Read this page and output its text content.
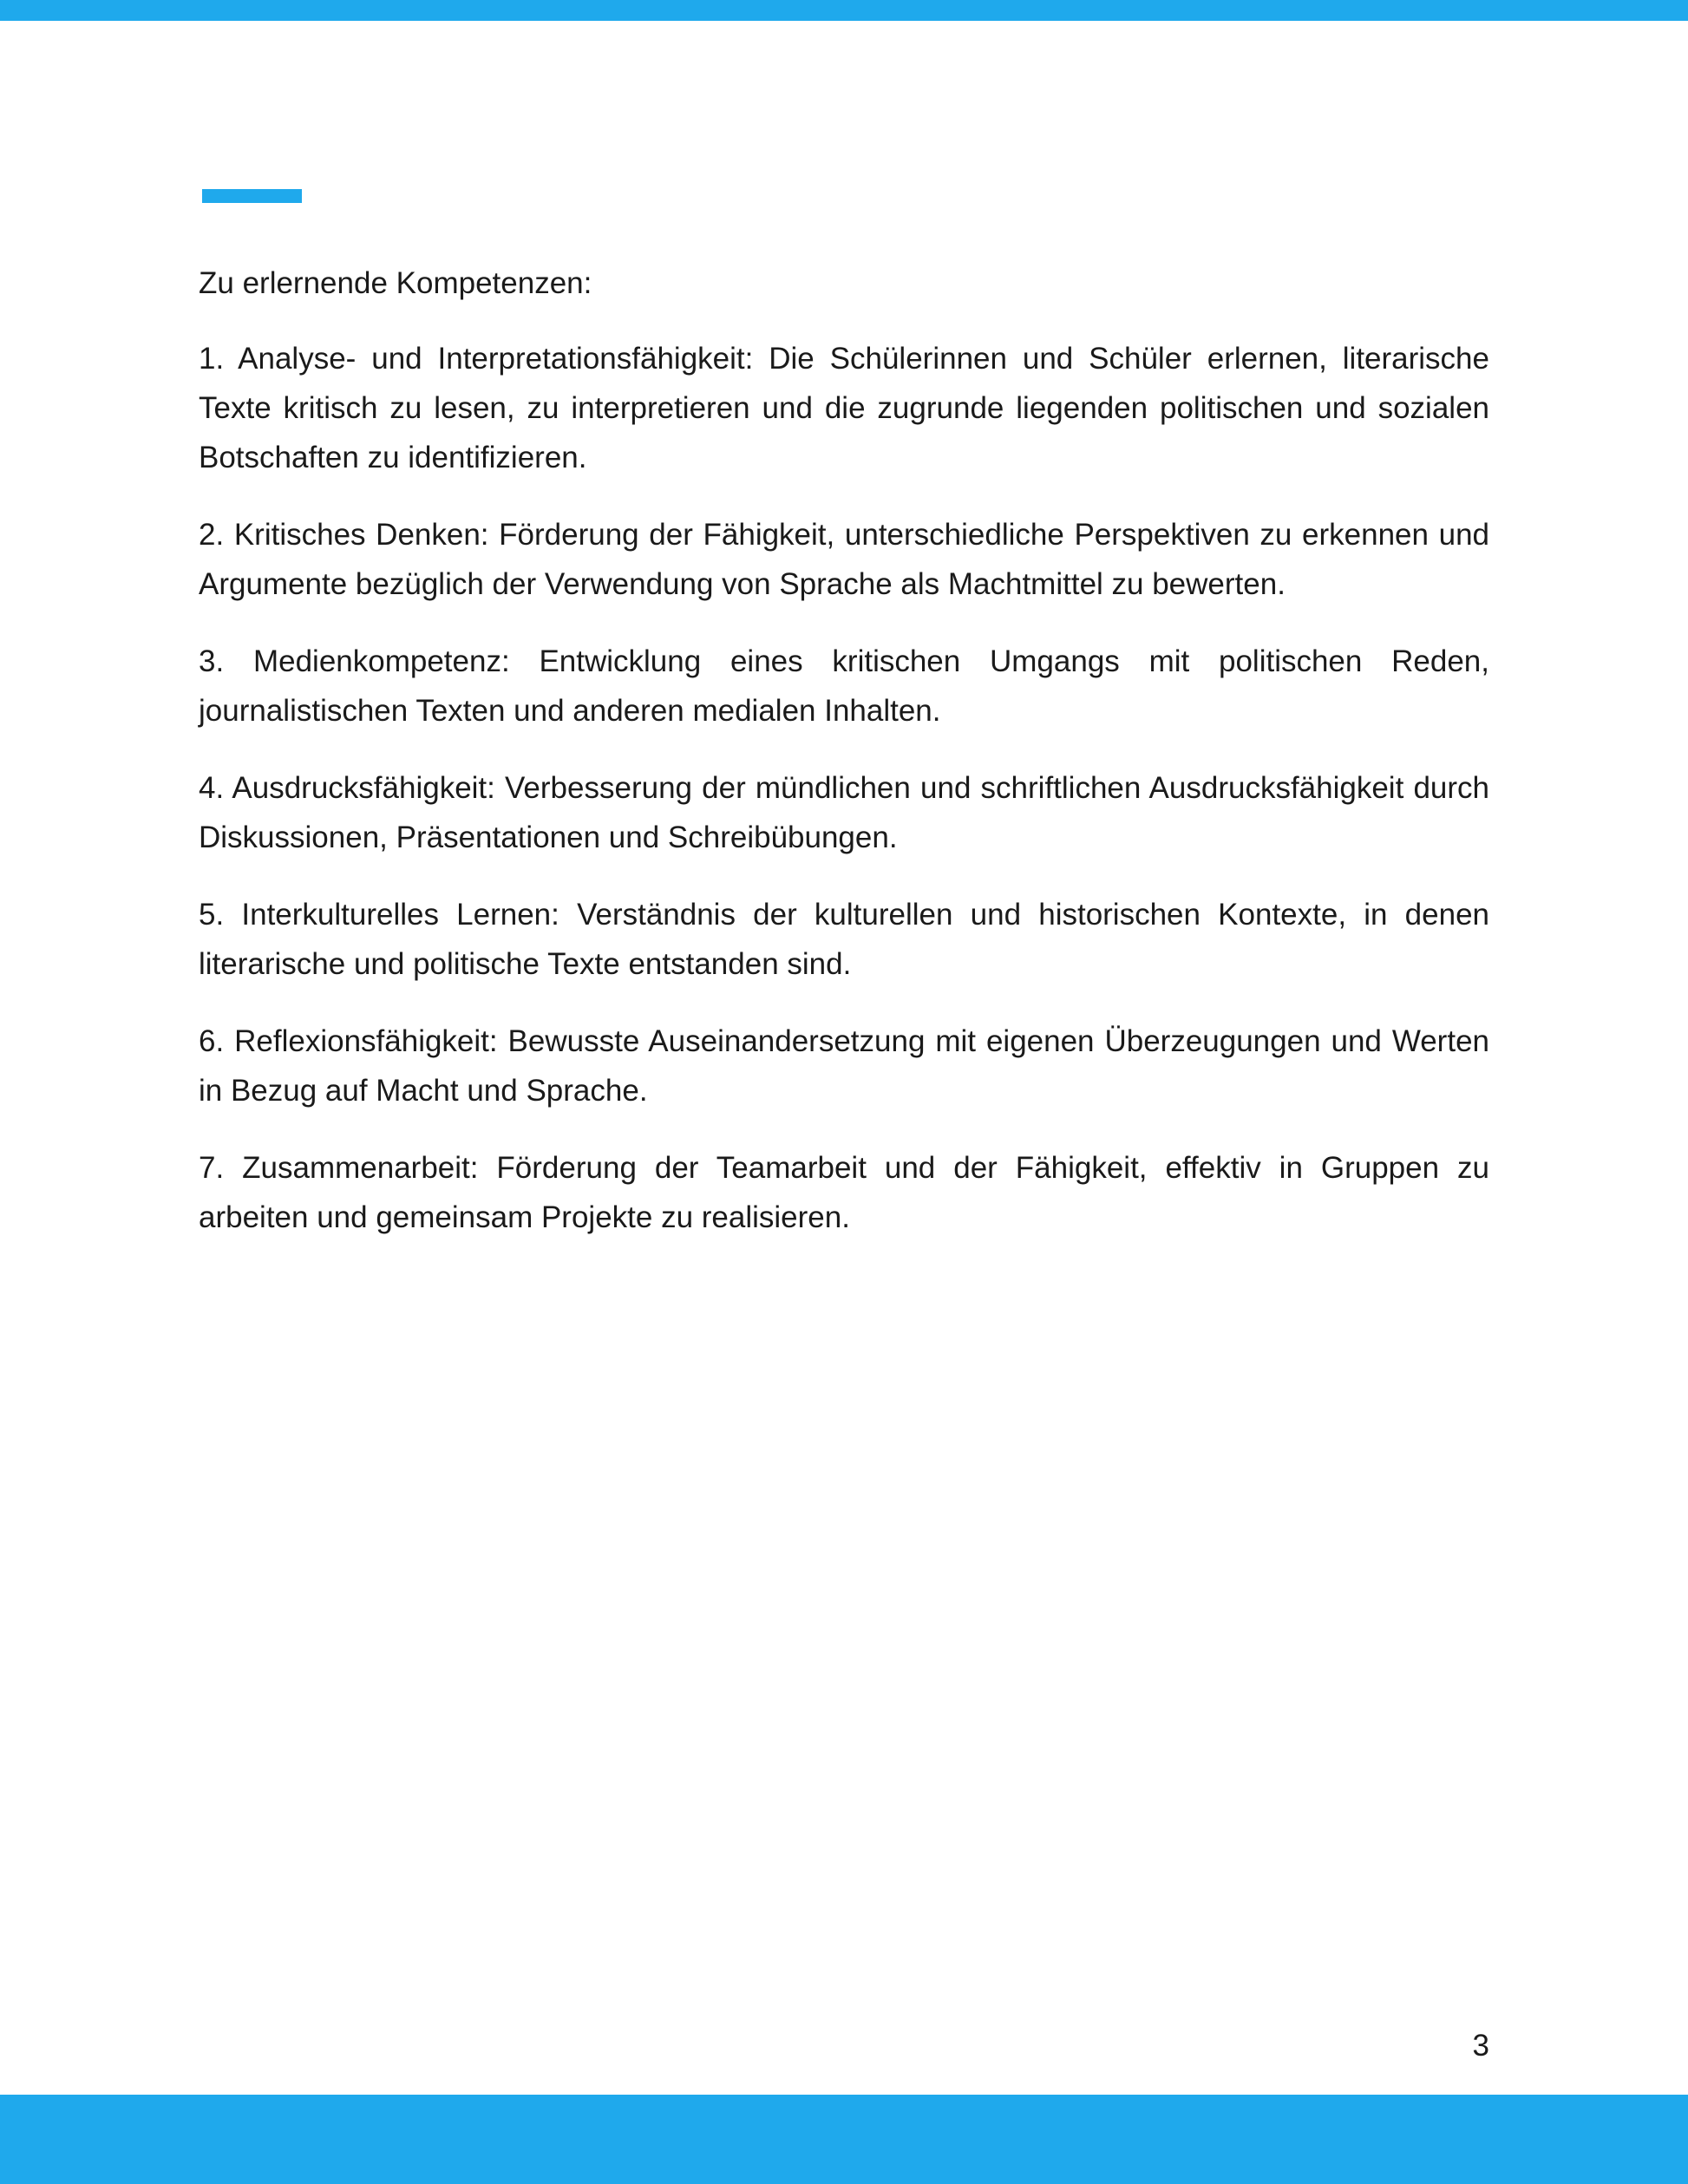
Zu erlernende Kompetenzen:

1. Analyse- und Interpretationsfähigkeit: Die Schülerinnen und Schüler erlernen, literarische Texte kritisch zu lesen, zu interpretieren und die zugrunde liegenden politischen und sozialen Botschaften zu identifizieren.

2. Kritisches Denken: Förderung der Fähigkeit, unterschiedliche Perspektiven zu erkennen und Argumente bezüglich der Verwendung von Sprache als Machtmittel zu bewerten.

3. Medienkompetenz: Entwicklung eines kritischen Umgangs mit politischen Reden, journalistischen Texten und anderen medialen Inhalten.

4. Ausdrucksfähigkeit: Verbesserung der mündlichen und schriftlichen Ausdrucksfähigkeit durch Diskussionen, Präsentationen und Schreibübungen.

5. Interkulturelles Lernen: Verständnis der kulturellen und historischen Kontexte, in denen literarische und politische Texte entstanden sind.

6. Reflexionsfähigkeit: Bewusste Auseinandersetzung mit eigenen Überzeugungen und Werten in Bezug auf Macht und Sprache.

7. Zusammenarbeit: Förderung der Teamarbeit und der Fähigkeit, effektiv in Gruppen zu arbeiten und gemeinsam Projekte zu realisieren.

3
